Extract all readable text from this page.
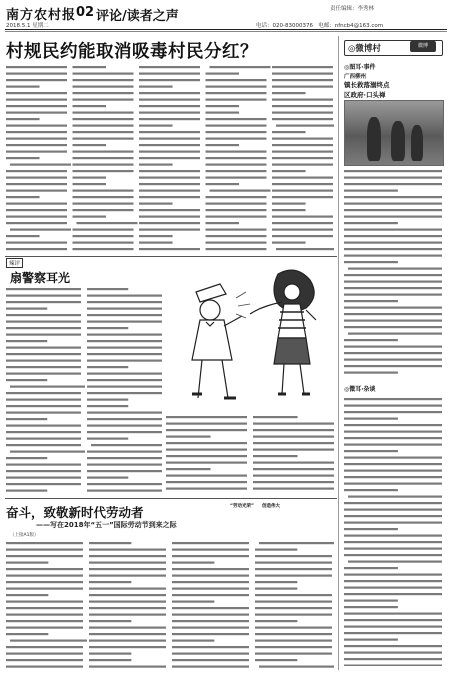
南方农村报 02 评论/读者之声	责任编辑：李秀林
2018.5.1 星期二	电话：020-83000376 电邮：nfncb4@163.com
村规民约能取消吸毒村民分红？	◎微博村	微博
◎图耳·事件
广西柳州
镇长救落溺终点
区政府·口头禅
◎微耳·杂谈
辣评
扇警察耳光
奋斗，致敬新时代劳动者
——写在2018年“五一”国际劳动节到来之际
（上接A1版）
“劳动光荣” 创造伟大
